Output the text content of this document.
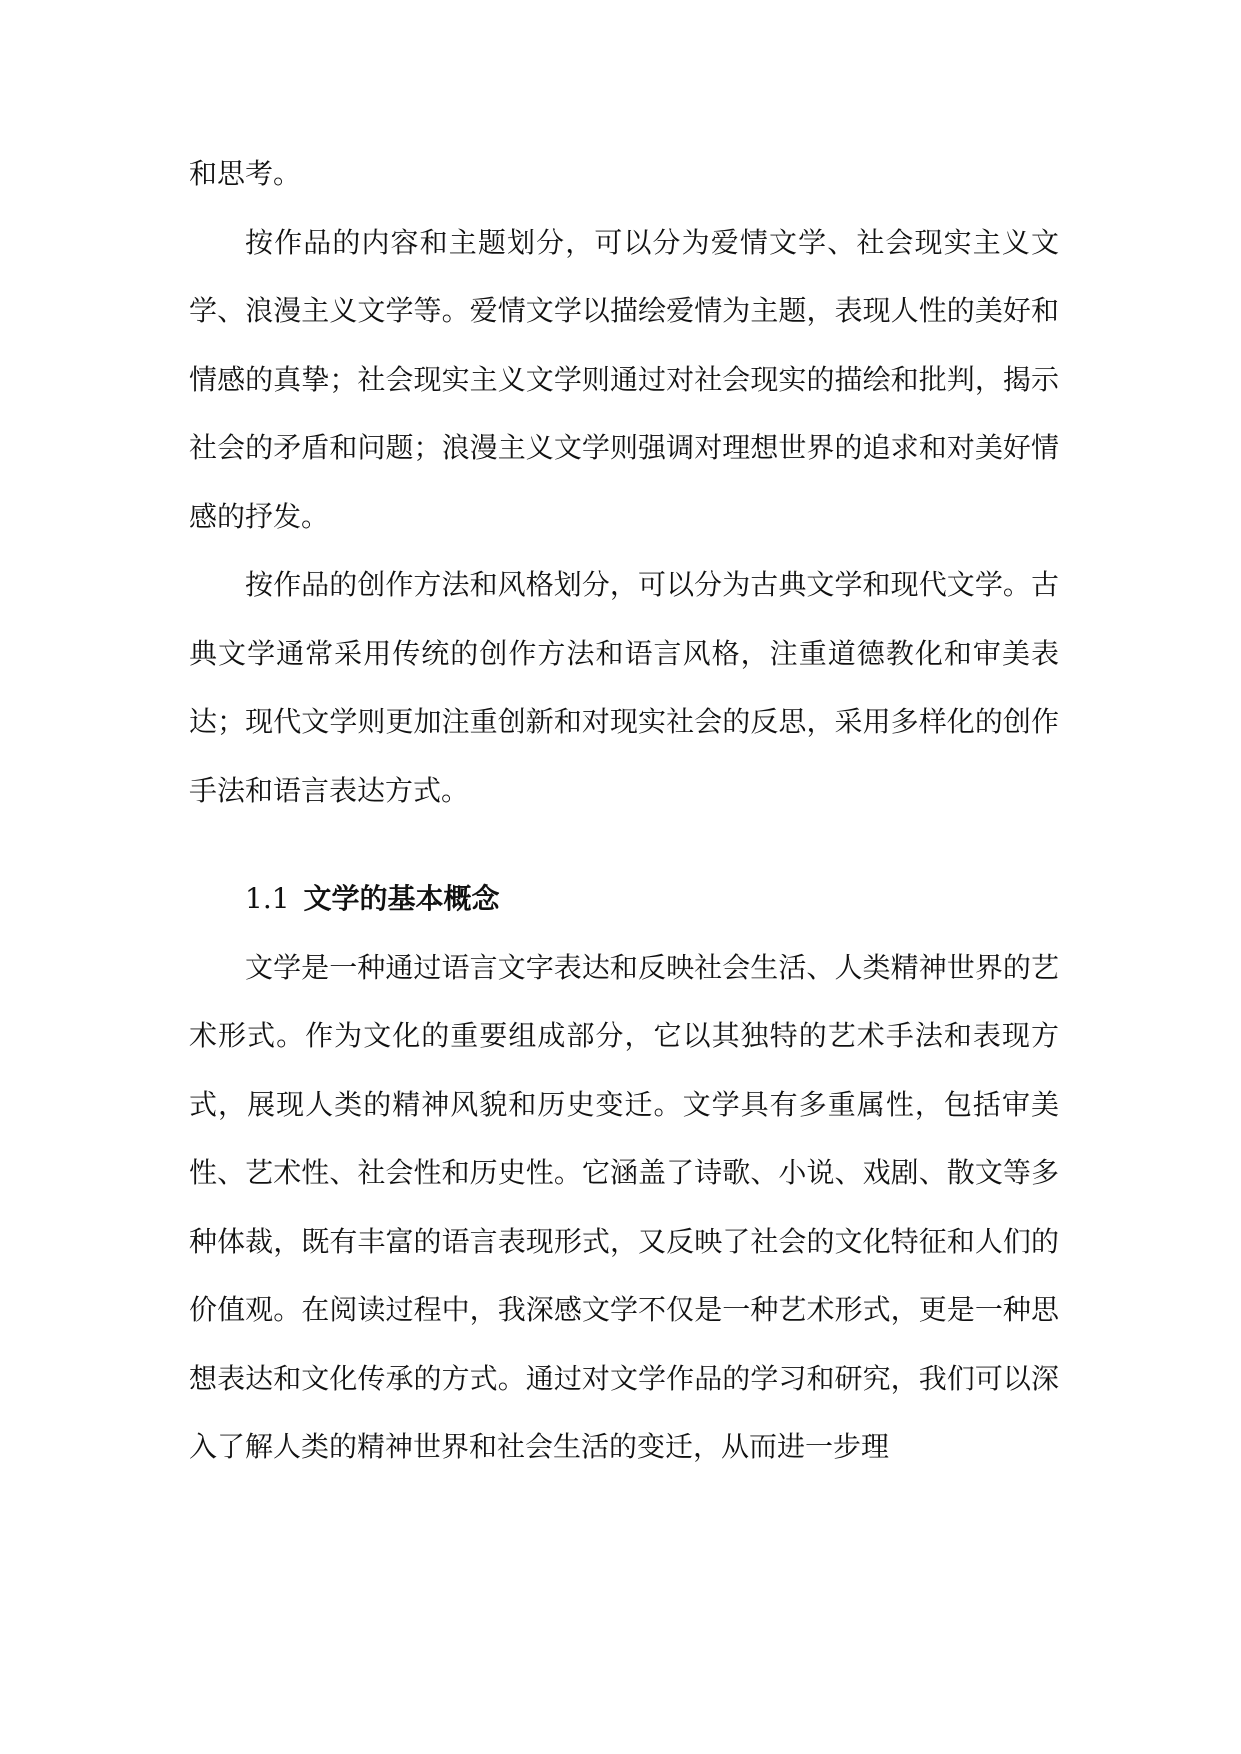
和思考。

按作品的内容和主题划分，可以分为爱情文学、社会现实主义文学、浪漫主义文学等。爱情文学以描绘爱情为主题，表现人性的美好和情感的真挚；社会现实主义文学则通过对社会现实的描绘和批判，揭示社会的矛盾和问题；浪漫主义文学则强调对理想世界的追求和对美好情感的抒发。

按作品的创作方法和风格划分，可以分为古典文学和现代文学。古典文学通常采用传统的创作方法和语言风格，注重道德教化和审美表达；现代文学则更加注重创新和对现实社会的反思，采用多样化的创作手法和语言表达方式。

1.1 文学的基本概念

文学是一种通过语言文字表达和反映社会生活、人类精神世界的艺术形式。作为文化的重要组成部分，它以其独特的艺术手法和表现方式，展现人类的精神风貌和历史变迁。文学具有多重属性，包括审美性、艺术性、社会性和历史性。它涵盖了诗歌、小说、戏剧、散文等多种体裁，既有丰富的语言表现形式，又反映了社会的文化特征和人们的价值观。在阅读过程中，我深感文学不仅是一种艺术形式，更是一种思想表达和文化传承的方式。通过对文学作品的学习和研究，我们可以深入了解人类的精神世界和社会生活的变迁，从而进一步理
